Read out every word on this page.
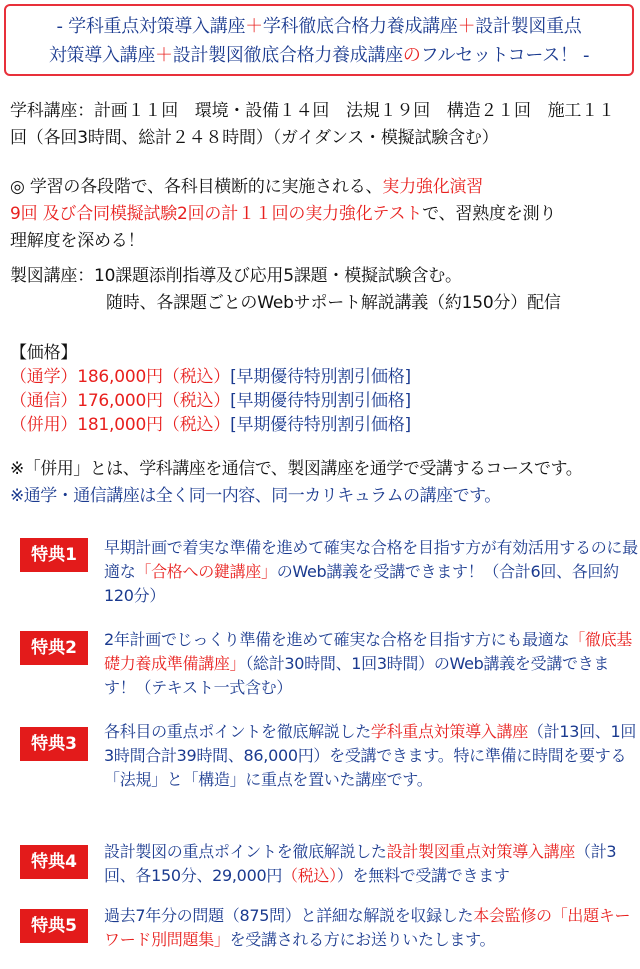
- 学科重点対策導入講座＋学科徹底合格力養成講座＋設計製図重点
対策導入講座＋設計製図徹底合格力養成講座のフルセットコース！ -
学科講座：計画１１回　環境・設備１４回　法規１９回　構造２１回　施工１１
回（各回3時間、総計２４８時間）（ガイダンス・模擬試験含む）
◎ 学習の各段階で、各科目横断的に実施される、実力強化演習
9回 及び合同模擬試験2回の計１１回の実力強化テストで、習熟度を測り
理解度を深める！
製図講座：10課題添削指導及び応用5課題・模擬試験含む。
随時、各課題ごとのWebサポート解説講義（約150分）配信
【価格】
（通学）186,000円（税込）[早期優待特別割引価格]
（通信）176,000円（税込）[早期優待特別割引価格]
（併用）181,000円（税込）[早期優待特別割引価格]
※「併用」とは、学科講座を通信で、製図講座を通学で受講するコースです。
※通学・通信講座は全く同一内容、同一カリキュラムの講座です。
特典1	早期計画で着実な準備を進めて確実な合格を目指す方が有効活用するのに最適な「合格への鍵講座」のWeb講義を受講できます！（合計6回、各回約120分）
特典2	2年計画でじっくり準備を進めて確実な合格を目指す方にも最適な「徹底基礎力養成準備講座」（総計30時間、1回3時間）のWeb講義を受講できます！（テキスト一式含む）
特典3
各科目の重点ポイントを徹底解説した学科重点対策導入講座（計13回、1回3時間合計39時間、86,000円）を受講できます。特に準備に時間を要する「法規」と「構造」に重点を置いた講座です。
特典4
設計製図の重点ポイントを徹底解説した設計製図重点対策導入講座（計3回、各150分、29,000円（税込））を無料で受講できます
特典5
過去7年分の問題（875問）と詳細な解説を収録した本会監修の「出題キーワード別問題集」を受講される方にお送りいたします。
